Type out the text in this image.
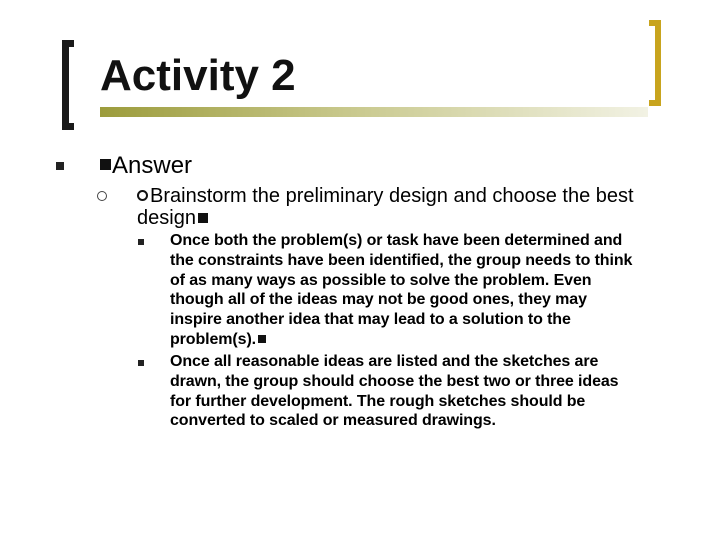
Activity 2
Answer
Brainstorm the preliminary design and choose the best design
Once both the problem(s) or task have been determined and the constraints have been identified, the group needs to think of as many ways as possible to solve the problem. Even though all of the ideas may not be good ones, they may inspire another idea that may lead to a solution to the problem(s).
Once all reasonable ideas are listed and the sketches are drawn, the group should choose the best two or three ideas for further development. The rough sketches should be converted to scaled or measured drawings.
